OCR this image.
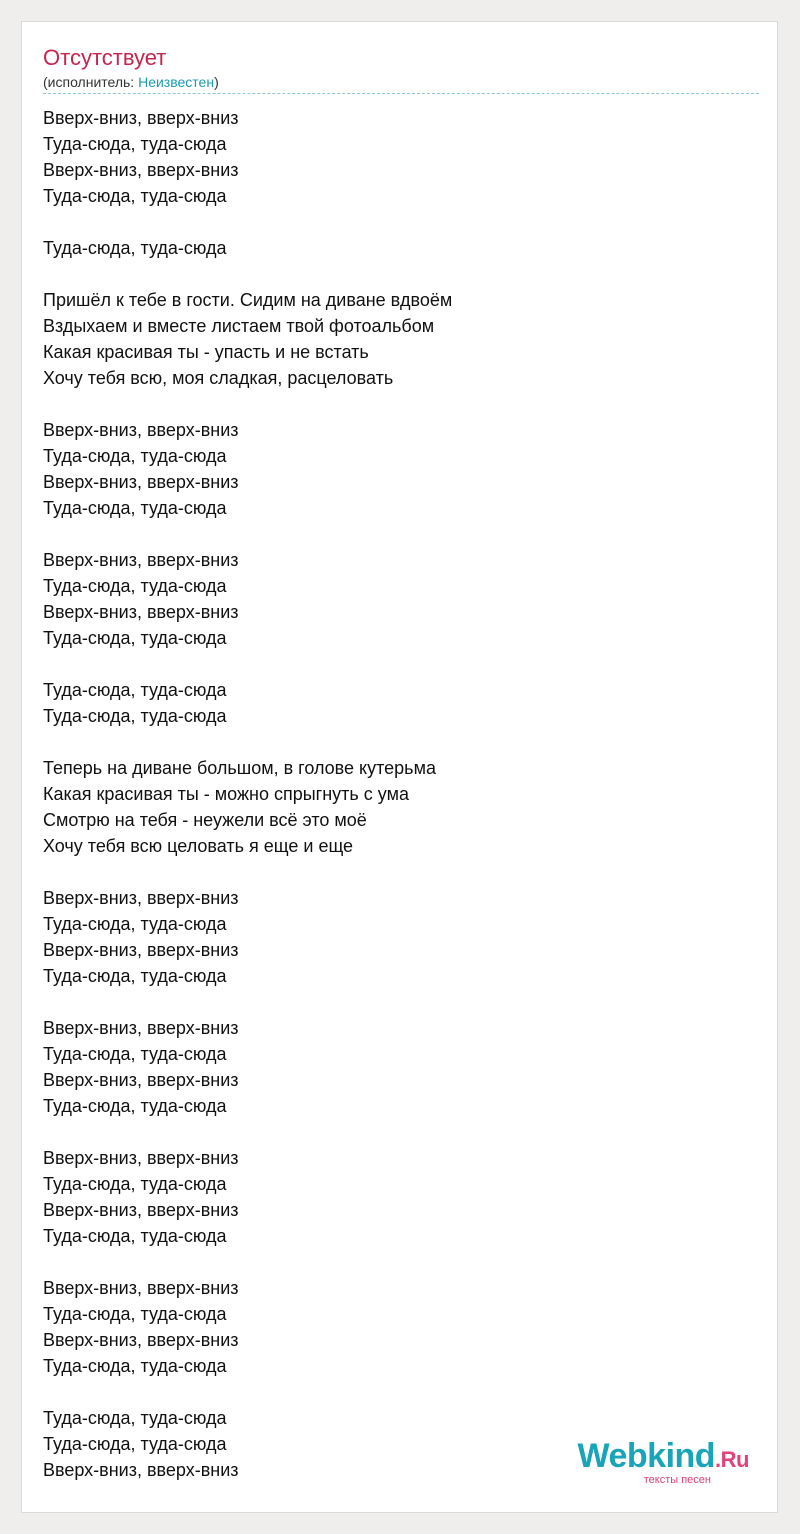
Отсутствует
(исполнитель: Неизвестен)
Вверх-вниз, вверх-вниз
Туда-сюда, туда-сюда
Вверх-вниз, вверх-вниз
Туда-сюда, туда-сюда
Туда-сюда, туда-сюда
Пришёл к тебе в гости. Сидим на диване вдвоём
Вздыхаем и вместе листаем твой фотоальбом
Какая красивая ты - упасть и не встать
Хочу тебя всю, моя сладкая, расцеловать
Вверх-вниз, вверх-вниз
Туда-сюда, туда-сюда
Вверх-вниз, вверх-вниз
Туда-сюда, туда-сюда
Вверх-вниз, вверх-вниз
Туда-сюда, туда-сюда
Вверх-вниз, вверх-вниз
Туда-сюда, туда-сюда
Туда-сюда, туда-сюда
Туда-сюда, туда-сюда
Теперь на диване большом, в голове кутерьма
Какая красивая ты - можно спрыгнуть с ума
Смотрю на тебя - неужели всё это моё
Хочу тебя всю целовать я еще и еще
Вверх-вниз, вверх-вниз
Туда-сюда, туда-сюда
Вверх-вниз, вверх-вниз
Туда-сюда, туда-сюда
Вверх-вниз, вверх-вниз
Туда-сюда, туда-сюда
Вверх-вниз, вверх-вниз
Туда-сюда, туда-сюда
Вверх-вниз, вверх-вниз
Туда-сюда, туда-сюда
Вверх-вниз, вверх-вниз
Туда-сюда, туда-сюда
Вверх-вниз, вверх-вниз
Туда-сюда, туда-сюда
Вверх-вниз, вверх-вниз
Туда-сюда, туда-сюда
Туда-сюда, туда-сюда
Туда-сюда, туда-сюда
Вверх-вниз, вверх-вниз	Webkind.Ru
тексты песен
